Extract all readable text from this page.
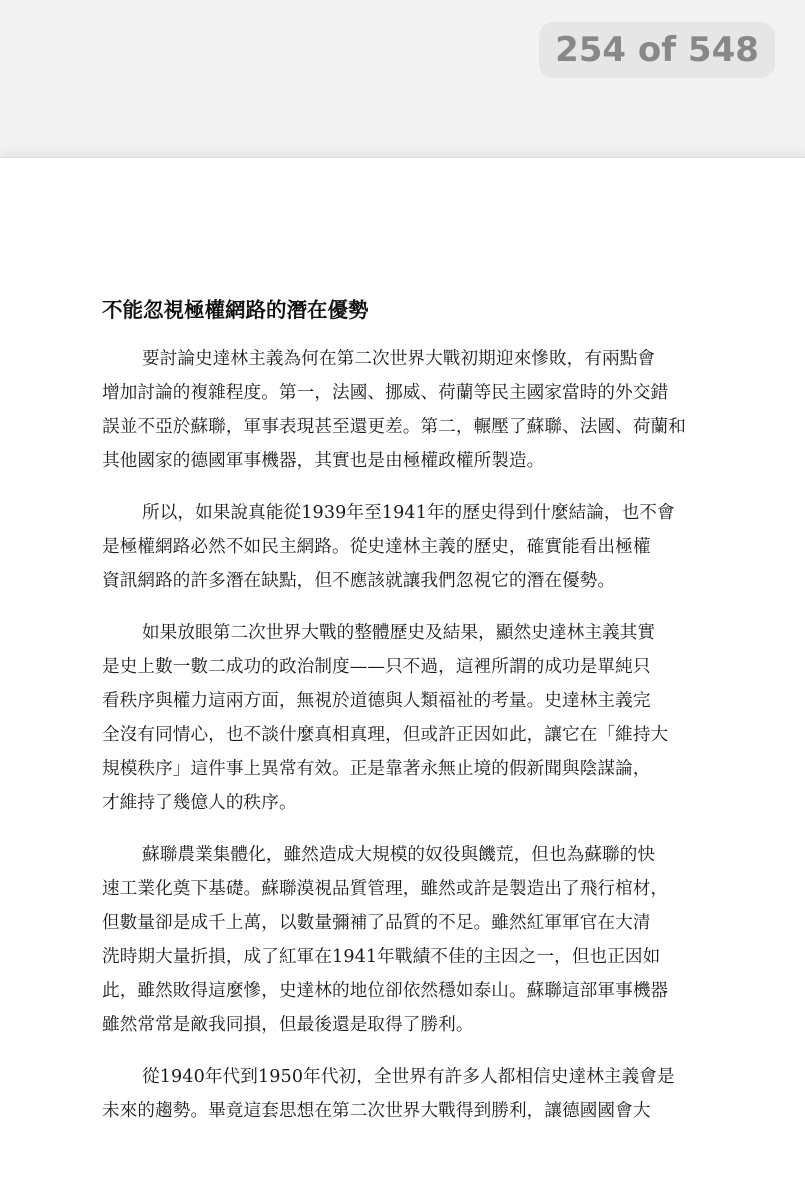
254 of 548
不能忽視極權網路的潛在優勢

要討論史達林主義為何在第二次世界大戰初期迎來慘敗，有兩點會
增加討論的複雜程度。第一，法國、挪威、荷蘭等民主國家當時的外交錯
誤並不亞於蘇聯，軍事表現甚至還更差。第二，輾壓了蘇聯、法國、荷蘭和
其他國家的德國軍事機器，其實也是由極權政權所製造。

所以，如果說真能從1939年至1941年的歷史得到什麼結論，也不會
是極權網路必然不如民主網路。從史達林主義的歷史，確實能看出極權
資訊網路的許多潛在缺點，但不應該就讓我們忽視它的潛在優勢。

如果放眼第二次世界大戰的整體歷史及結果，顯然史達林主義其實
是史上數一數二成功的政治制度——只不過，這裡所謂的成功是單純只
看秩序與權力這兩方面，無視於道德與人類福祉的考量。史達林主義完
全沒有同情心，也不談什麼真相真理，但或許正因如此，讓它在「維持大
規模秩序」這件事上異常有效。正是靠著永無止境的假新聞與陰謀論，
才維持了幾億人的秩序。

蘇聯農業集體化，雖然造成大規模的奴役與饑荒，但也為蘇聯的快
速工業化奠下基礎。蘇聯漠視品質管理，雖然或許是製造出了飛行棺材，
但數量卻是成千上萬，以數量彌補了品質的不足。雖然紅軍軍官在大清
洗時期大量折損，成了紅軍在1941年戰績不佳的主因之一，但也正因如
此，雖然敗得這麼慘，史達林的地位卻依然穩如泰山。蘇聯這部軍事機器
雖然常常是敵我同損，但最後還是取得了勝利。

從1940年代到1950年代初，全世界有許多人都相信史達林主義會是
未來的趨勢。畢竟這套思想在第二次世界大戰得到勝利，讓德國國會大
